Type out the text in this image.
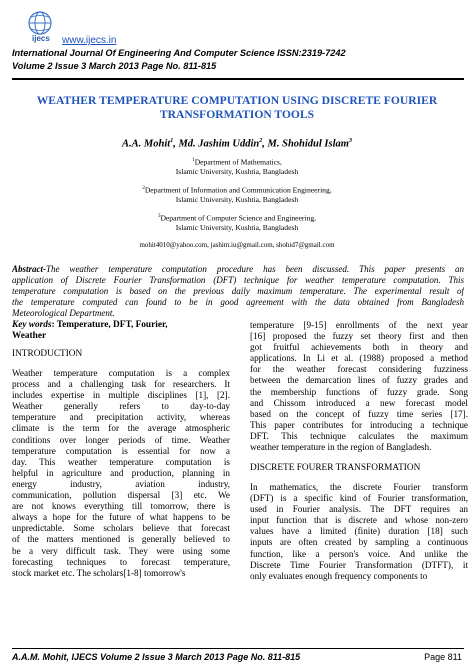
ijecs www.ijecs.in
International Journal Of Engineering And Computer Science ISSN:2319-7242
Volume 2 Issue 3 March 2013 Page No. 811-815
WEATHER TEMPERATURE COMPUTATION USING DISCRETE FOURIER
TRANSFORMATION TOOLS
A.A. Mohit$^1$, Md. Jashim Uddin$^2$, M. Shohidul Islam$^3$
$^1$Department of Mathematics,
Islamic University, Kushtia, Bangladesh
$^2$Department of Information and Communication Engineering,
Islamic University, Kushtia, Bangladesh
$^3$Department of Computer Science and Engineering,
Islamic University, Kushtia, Bangladesh
mohit4010@yahoo.com, jashim.iu@gmail.com, shohid7@gmail.com
Abstract-The weather temperature computation procedure has been discussed. This paper presents an
application of Discrete Fourier Transformation (DFT) technique for weather temperature computation. This
temperature computation is based on the previous daily maximum temperature. The experimental result of
the temperature computed can found to be in good agreement with the data obtained from Bangladesh
Meteorological Department.
Key words: Temperature, DFT, Fourier,
Weather
INTRODUCTION
Weather temperature computation is a complex
process and a challenging task for researchers. It
includes expertise in multiple disciplines [1], [2].
Weather generally refers to day-to-day
temperature and precipitation activity, whereas
climate is the term for the average atmospheric
conditions over longer periods of time. Weather
temperature computation is essential for now a
day. This weather temperature computation is
helpful in agriculture and production, planning in
energy industry, aviation industry,
communication, pollution dispersal [3] etc. We
are not knows everything till tomorrow, there is
always a hope for the future of what happens to be
unpredictable. Some scholars believe that forecast
of the matters mentioned is generally believed to
be a very difficult task. They were using some
forecasting techniques to forecast temperature,
stock market etc. The scholars[1-8] tomorrow's
temperature [9-15] enrollments of the next year
[16] proposed the fuzzy set theory first and then
got fruitful achievements both in theory and
applications. In Li et al. (1988) proposed a method
for the weather forecast considering fuzziness
between the demarcation lines of fuzzy grades and
the membership functions of fuzzy grade. Song
and Chissom introduced a new forecast model
based on the concept of fuzzy time series [17].
This paper contributes for introducing a technique
DFT. This technique calculates the maximum
weather temperature in the region of Bangladesh.
DISCRETE FOURER TRANSFORMATION
In mathematics, the discrete Fourier transform
(DFT) is a specific kind of Fourier transformation,
used in Fourier analysis. The DFT requires an
input function that is discrete and whose non-zero
values have a limited (finite) duration [18] such
inputs are often created by sampling a continuous
function, like a person's voice. And unlike the
Discrete Time Fourier Transformation (DTFT), it
only evaluates enough frequency components to
A.A.M. Mohit, IJECS Volume 2 Issue 3 March 2013 Page No. 811-815	Page 811
